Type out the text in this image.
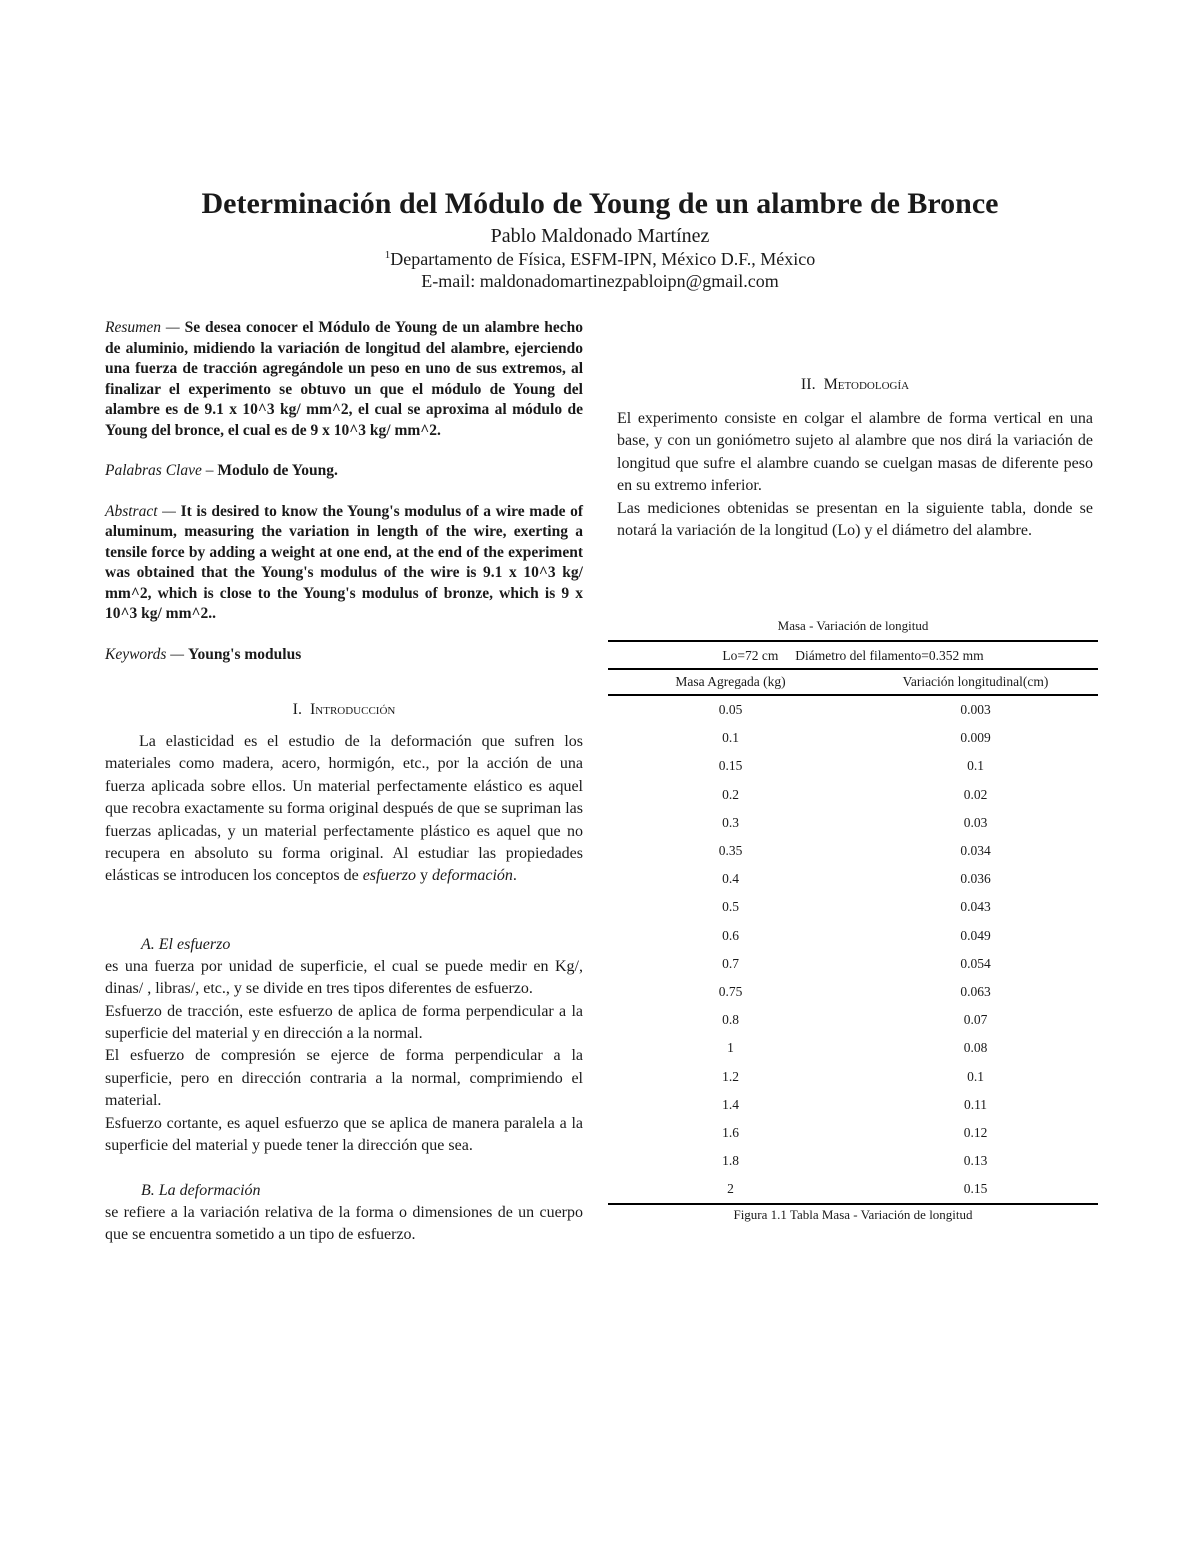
Determinación del Módulo de Young de un alambre de Bronce
Pablo Maldonado Martínez
$^1$Departamento de Física, ESFM-IPN, México D.F., México
E-mail: maldonadomartinezpabloipn@gmail.com

Resumen — Se desea conocer el Módulo de Young de un alambre hecho de aluminio, midiendo la variación de longitud del alambre, ejerciendo una fuerza de tracción agregándole un peso en uno de sus extremos, al finalizar el experimento se obtuvo un que el módulo de Young del alambre es de 9.1 x 10^3 kg/ mm^2, el cual se aproxima al módulo de Young del bronce, el cual es de 9 x 10^3 kg/ mm^2.

Palabras Clave – Modulo de Young.

Abstract — It is desired to know the Young's modulus of a wire made of aluminum, measuring the variation in length of the wire, exerting a tensile force by adding a weight at one end, at the end of the experiment was obtained that the Young's modulus of the wire is 9.1 x 10^3 kg/ mm^2, which is close to the Young's modulus of bronze, which is 9 x 10^3 kg/ mm^2..

Keywords — Young's modulus

I. Introducción

La elasticidad es el estudio de la deformación que sufren los materiales como madera, acero, hormigón, etc., por la acción de una fuerza aplicada sobre ellos. Un material perfectamente elástico es aquel que recobra exactamente su forma original después de que se supriman las fuerzas aplicadas, y un material perfectamente plástico es aquel que no recupera en absoluto su forma original. Al estudiar las propiedades elásticas se introducen los conceptos de esfuerzo y deformación.

A. El esfuerzo

es una fuerza por unidad de superficie, el cual se puede medir en Kg/, dinas/ , libras/, etc., y se divide en tres tipos diferentes de esfuerzo.

Esfuerzo de tracción, este esfuerzo de aplica de forma perpendicular a la superficie del material y en dirección a la normal.

El esfuerzo de compresión se ejerce de forma perpendicular a la superficie, pero en dirección contraria a la normal, comprimiendo el material.

Esfuerzo cortante, es aquel esfuerzo que se aplica de manera paralela a la superficie del material y puede tener la dirección que sea.

B. La deformación

se refiere a la variación relativa de la forma o dimensiones de un cuerpo que se encuentra sometido a un tipo de esfuerzo.

II. Metodología

El experimento consiste en colgar el alambre de forma vertical en una base, y con un goniómetro sujeto al alambre que nos dirá la variación de longitud que sufre el alambre cuando se cuelgan masas de diferente peso en su extremo inferior.

Las mediciones obtenidas se presentan en la siguiente tabla, donde se notará la variación de la longitud (Lo) y el diámetro del alambre.

Masa - Variación de longitud
Lo=72 cm     Diámetro del filamento=0.352 mm	
Masa Agregada (kg)	Variación longitudinal(cm)
0.05	0.003
0.1	0.009
0.15	0.1
0.2	0.02
0.3	0.03
0.35	0.034
0.4	0.036
0.5	0.043
0.6	0.049
0.7	0.054
0.75	0.063
0.8	0.07
1	0.08
1.2	0.1
1.4	0.11
1.6	0.12
1.8	0.13
2	0.15
Figura 1.1 Tabla Masa - Variación de longitud
